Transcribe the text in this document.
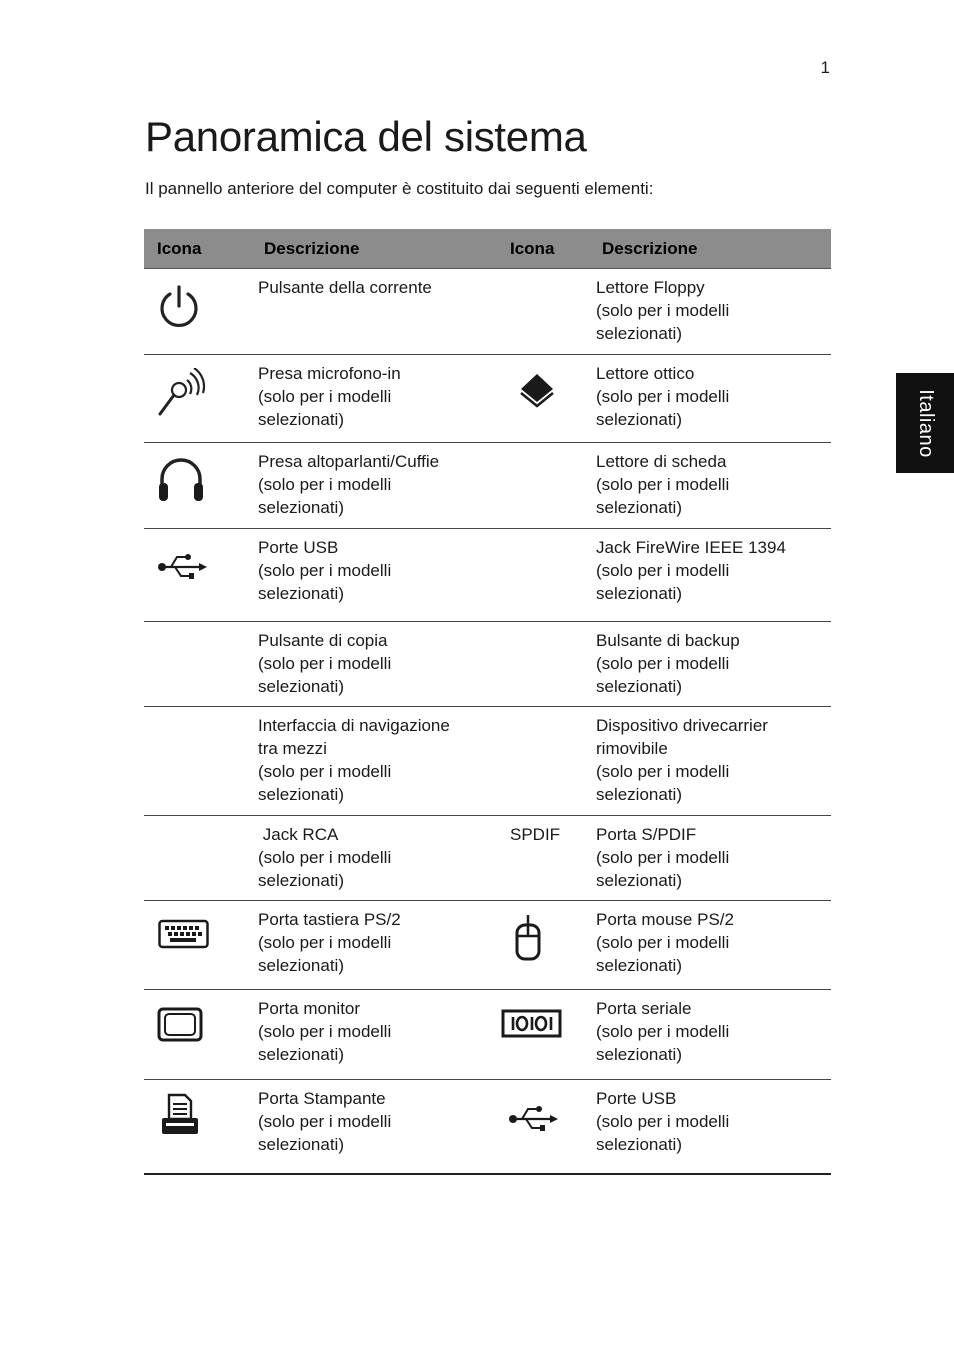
1
Panoramica del sistema
Il pannello anteriore del computer è costituito dai seguenti elementi:
Italiano
Icona	Descrizione	Icona	Descrizione

Pulsante della corrente		Lettore Floppy
(solo per i modelli
selezionati)

Presa microfono-in
(solo per i modelli
selezionati)		Lettore ottico
(solo per i modelli
selezionati)

Presa altoparlanti/Cuffie
(solo per i modelli
selezionati)		Lettore di scheda
(solo per i modelli
selezionati)

Porte USB
(solo per i modelli
selezionati)		Jack FireWire IEEE 1394
(solo per i modelli
selezionati)

	Pulsante di copia
(solo per i modelli
selezionati)		Bulsante di backup
(solo per i modelli
selezionati)

	Interfaccia di navigazione
tra mezzi
(solo per i modelli
selezionati)		Dispositivo drivecarrier
rimovibile
(solo per i modelli
selezionati)

	Jack RCA
(solo per i modelli
selezionati)	SPDIF	Porta S/PDIF
(solo per i modelli
selezionati)

Porta tastiera PS/2
(solo per i modelli
selezionati)		Porta mouse PS/2
(solo per i modelli
selezionati)

Porta monitor
(solo per i modelli
selezionati)		Porta seriale
(solo per i modelli
selezionati)

Porta Stampante
(solo per i modelli
selezionati)		Porte USB
(solo per i modelli
selezionati)
